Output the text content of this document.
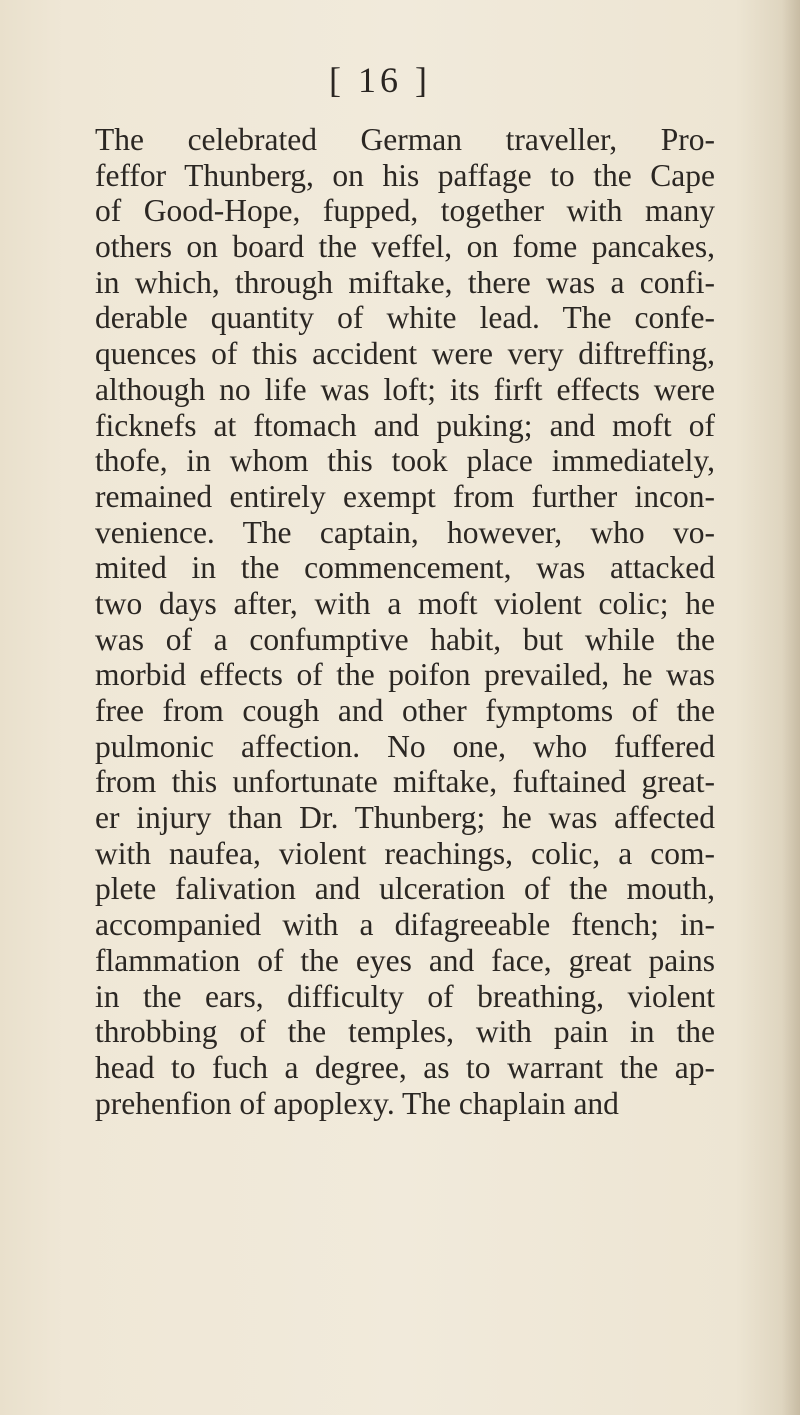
[ 16 ]
The celebrated German traveller, Pro-
feffor Thunberg, on his paffage to the Cape
of Good-Hope, fupped, together with many
others on board the veffel, on fome pancakes,
in which, through miftake, there was a confi-
derable quantity of white lead. The confe-
quences of this accident were very diftreffing,
although no life was loft; its firft effects were
ficknefs at ftomach and puking; and moft of
thofe, in whom this took place immediately,
remained entirely exempt from further incon-
venience. The captain, however, who vo-
mited in the commencement, was attacked
two days after, with a moft violent colic; he
was of a confumptive habit, but while the
morbid effects of the poifon prevailed, he was
free from cough and other fymptoms of the
pulmonic affection. No one, who fuffered
from this unfortunate miftake, fuftained great-
er injury than Dr. Thunberg; he was affected
with naufea, violent reachings, colic, a com-
plete falivation and ulceration of the mouth,
accompanied with a difagreeable ftench; in-
flammation of the eyes and face, great pains
in the ears, difficulty of breathing, violent
throbbing of the temples, with pain in the
head to fuch a degree, as to warrant the ap-
prehenfion of apoplexy. The chaplain and
